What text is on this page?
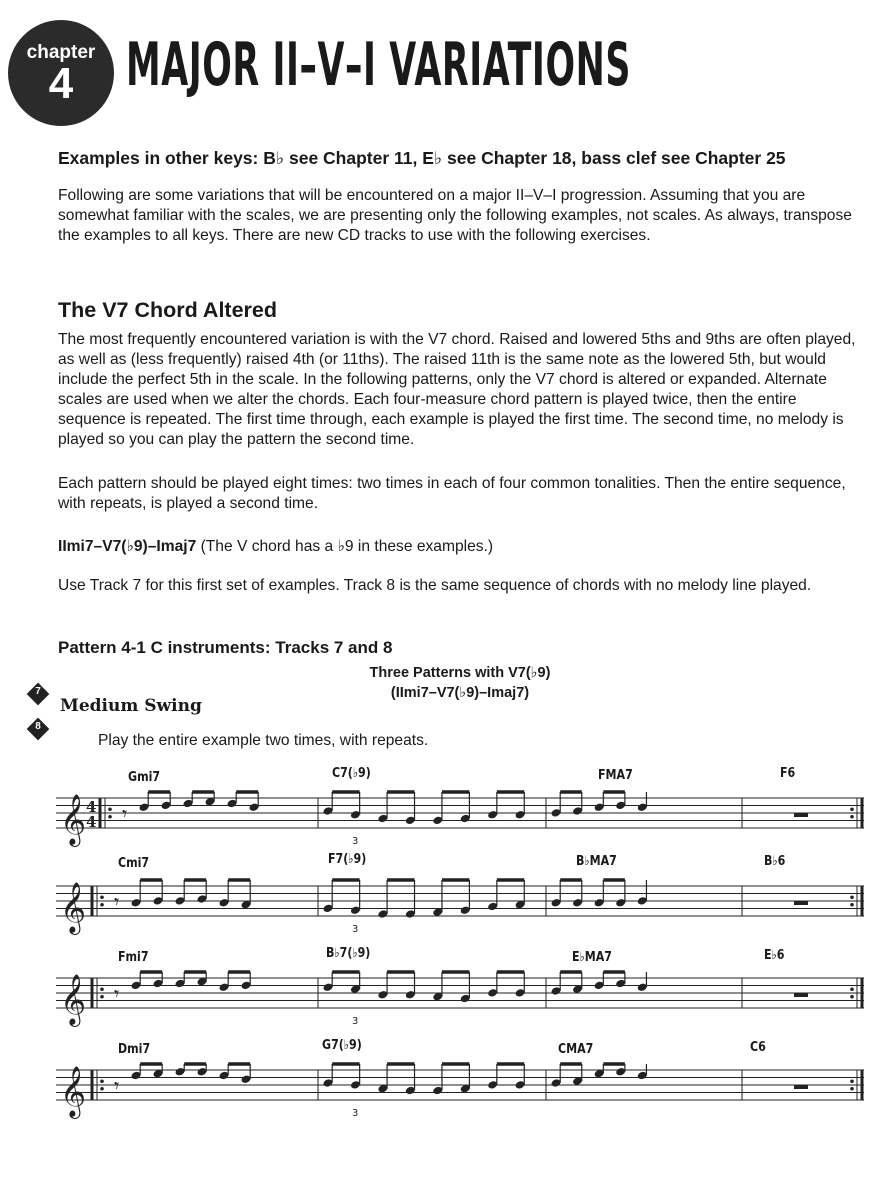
chapter
4 MAJOR II–V–I VARIATIONS
Examples in other keys: B♭ see Chapter 11, E♭ see Chapter 18, bass clef see Chapter 25
Following are some variations that will be encountered on a major II–V–I progression. Assuming that you are somewhat familiar with the scales, we are presenting only the following examples, not scales. As always, transpose the examples to all keys. There are new CD tracks to use with the following exercises.
The V7 Chord Altered
The most frequently encountered variation is with the V7 chord. Raised and lowered 5ths and 9ths are often played, as well as (less frequently) raised 4th (or 11ths). The raised 11th is the same note as the lowered 5th, but would include the perfect 5th in the scale. In the following patterns, only the V7 chord is altered or expanded. Alternate scales are used when we alter the chords. Each four-measure chord pattern is played twice, then the entire sequence is repeated. The first time through, each example is played the first time. The second time, no melody is played so you can play the pattern the second time.
Each pattern should be played eight times: two times in each of four common tonalities. Then the entire sequence, with repeats, is played a second time.
IImi7–V7(♭9)–Imaj7 (The V chord has a ♭9 in these examples.)
Use Track 7 for this first set of examples. Track 8 is the same sequence of chords with no melody line played.
Pattern 4-1 C instruments: Tracks 7 and 8
Three Patterns with V7(♭9)
(IImi7–V7(♭9)–Imaj7)
7
8
Medium Swing
Play the entire example two times, with repeats.
Gmi7	C7(♭9)	FMA7	F6
𝄞 4
4 𝄾
3
Cmi7	F7(♭9)	B♭MA7	B♭6
𝄞 𝄾
3
Fmi7	B♭7(♭9)	E♭MA7	E♭6
𝄞 𝄾
3
Dmi7	G7(♭9)	CMA7	C6
𝄞 𝄾
3
